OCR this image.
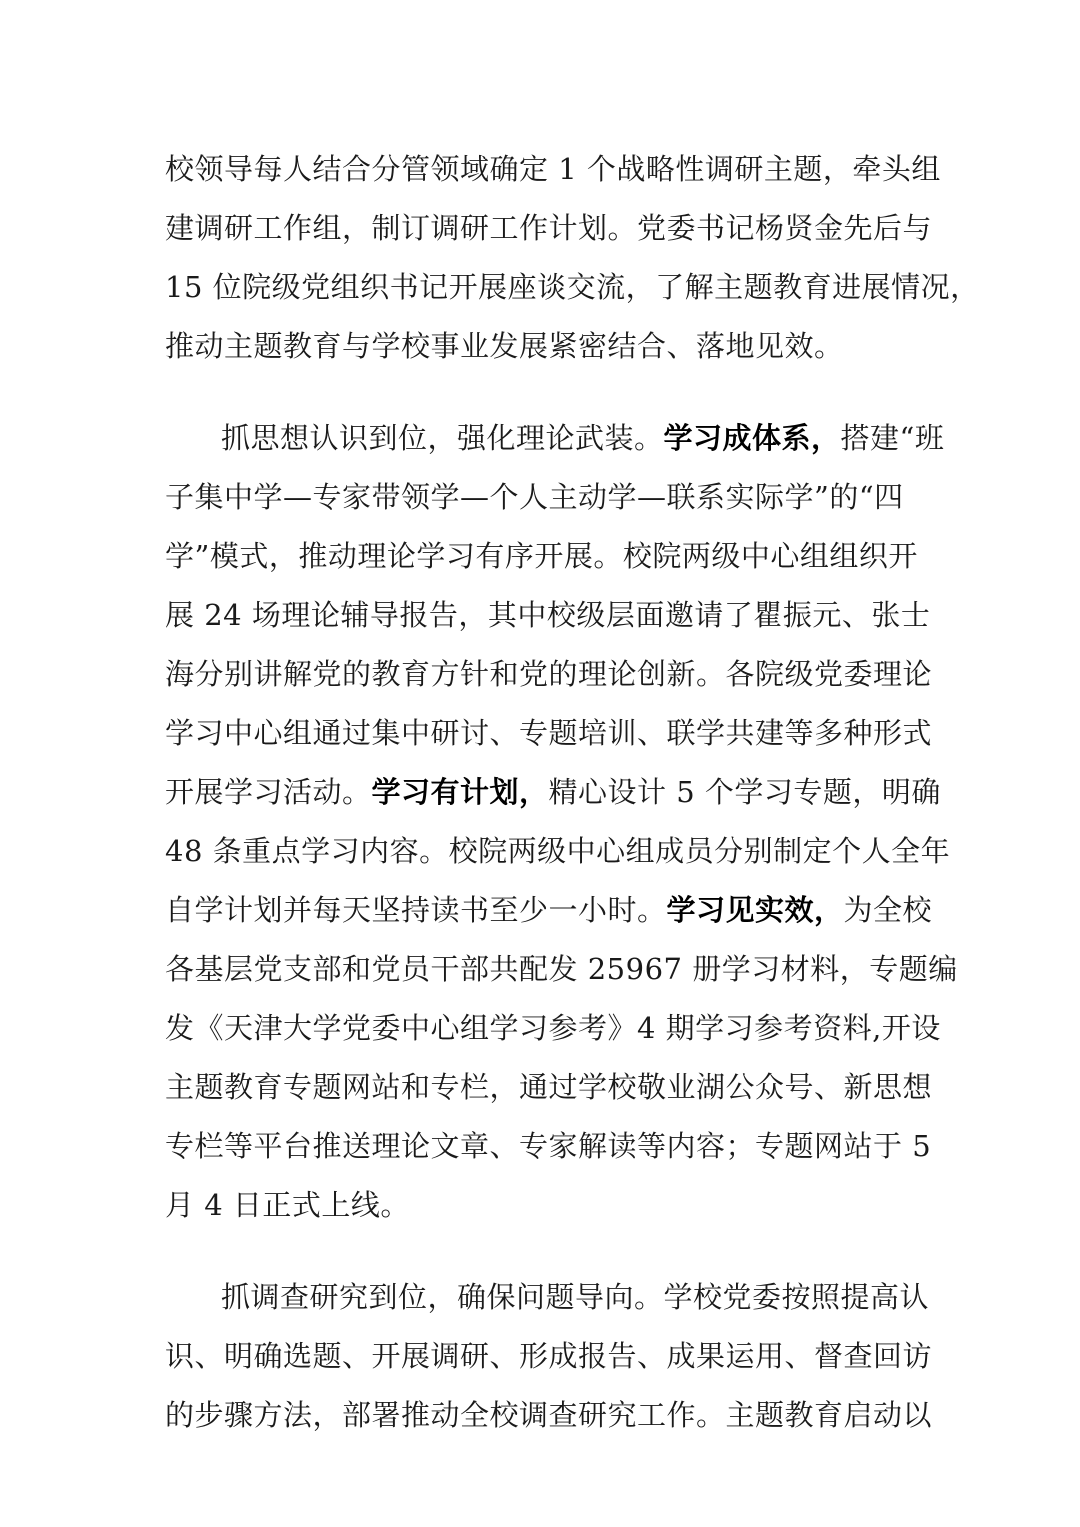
校领导每人结合分管领域确定 1 个战略性调研主题，牵头组
建调研工作组，制订调研工作计划。党委书记杨贤金先后与
15 位院级党组织书记开展座谈交流，了解主题教育进展情况，
推动主题教育与学校事业发展紧密结合、落地见效。
抓思想认识到位，强化理论武装。学习成体系，搭建“班
子集中学—专家带领学—个人主动学—联系实际学”的“四
学”模式，推动理论学习有序开展。校院两级中心组组织开
展 24 场理论辅导报告，其中校级层面邀请了瞿振元、张士
海分别讲解党的教育方针和党的理论创新。各院级党委理论
学习中心组通过集中研讨、专题培训、联学共建等多种形式
开展学习活动。学习有计划，精心设计 5 个学习专题，明确
48 条重点学习内容。校院两级中心组成员分别制定个人全年
自学计划并每天坚持读书至少一小时。学习见实效，为全校
各基层党支部和党员干部共配发 25967 册学习材料，专题编
发《天津大学党委中心组学习参考》4 期学习参考资料,开设
主题教育专题网站和专栏，通过学校敬业湖公众号、新思想
专栏等平台推送理论文章、专家解读等内容；专题网站于 5
月 4 日正式上线。
抓调查研究到位，确保问题导向。学校党委按照提高认
识、明确选题、开展调研、形成报告、成果运用、督查回访
的步骤方法，部署推动全校调查研究工作。主题教育启动以
